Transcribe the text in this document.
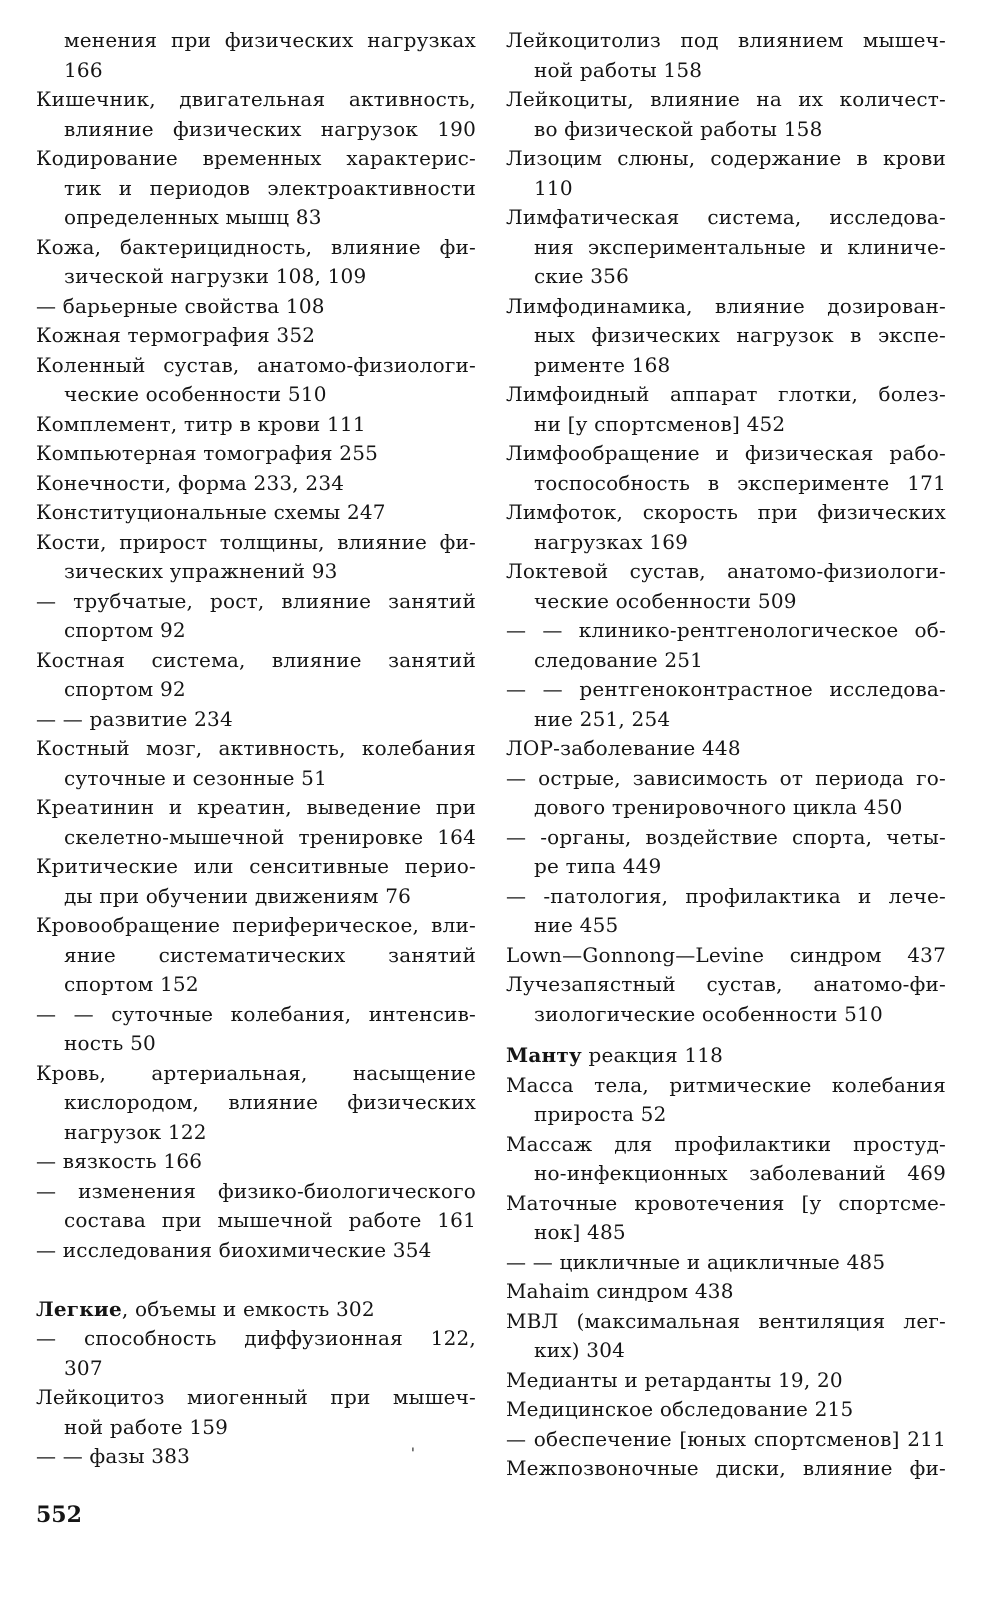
менения при физических нагрузках
166
Кишечник, двигательная активность,
влияние физических нагрузок 190
Кодирование временных характерис-
тик и периодов электроактивности
определенных мышц 83
Кожа, бактерицидность, влияние фи-
зической нагрузки 108, 109
— барьерные свойства 108
Кожная термография 352
Коленный сустав, анатомо-физиологи-
ческие особенности 510
Комплемент, титр в крови 111
Компьютерная томография 255
Конечности, форма 233, 234
Конституциональные схемы 247
Кости, прирост толщины, влияние фи-
зических упражнений 93
— трубчатые, рост, влияние занятий
спортом 92
Костная система, влияние занятий
спортом 92
— — развитие 234
Костный мозг, активность, колебания
суточные и сезонные 51
Креатинин и креатин, выведение при
скелетно-мышечной тренировке 164
Критические или сенситивные перио-
ды при обучении движениям 76
Кровообращение периферическое, вли-
яние систематических занятий
спортом 152
— — суточные колебания, интенсив-
ность 50
Кровь, артериальная, насыщение
кислородом, влияние физических
нагрузок 122
— вязкость 166
— изменения физико-биологического
состава при мышечной работе 161
— исследования биохимические 354
Легкие, объемы и емкость 302
— способность диффузионная 122,
307
Лейкоцитоз миогенный при мышеч-
ной работе 159
— — фазы 383
Лейкоцитолиз под влиянием мышеч-
ной работы 158
Лейкоциты, влияние на их количест-
во физической работы 158
Лизоцим слюны, содержание в крови
110
Лимфатическая система, исследова-
ния экспериментальные и клиниче-
ские 356
Лимфодинамика, влияние дозирован-
ных физических нагрузок в экспе-
рименте 168
Лимфоидный аппарат глотки, болез-
ни [у спортсменов] 452
Лимфообращение и физическая рабо-
тоспособность в эксперименте 171
Лимфоток, скорость при физических
нагрузках 169
Локтевой сустав, анатомо-физиологи-
ческие особенности 509
— — клинико-рентгенологическое об-
следование 251
— — рентгеноконтрастное исследова-
ние 251, 254
ЛОР-заболевание 448
— острые, зависимость от периода го-
дового тренировочного цикла 450
— -органы, воздействие спорта, четы-
ре типа 449
— -патология, профилактика и лече-
ние 455
Lown—Gonnong—Levine синдром 437
Лучезапястный сустав, анатомо-фи-
зиологические особенности 510
Манту реакция 118
Масса тела, ритмические колебания
прироста 52
Массаж для профилактики простуд-
но-инфекционных заболеваний 469
Маточные кровотечения [у спортсме-
нок] 485
— — цикличные и ацикличные 485
Mahaim синдром 438
МВЛ (максимальная вентиляция лег-
ких) 304
Медианты и ретарданты 19, 20
Медицинское обследование 215
— обеспечение [юных спортсменов] 211
Межпозвоночные диски, влияние фи-
'
552
